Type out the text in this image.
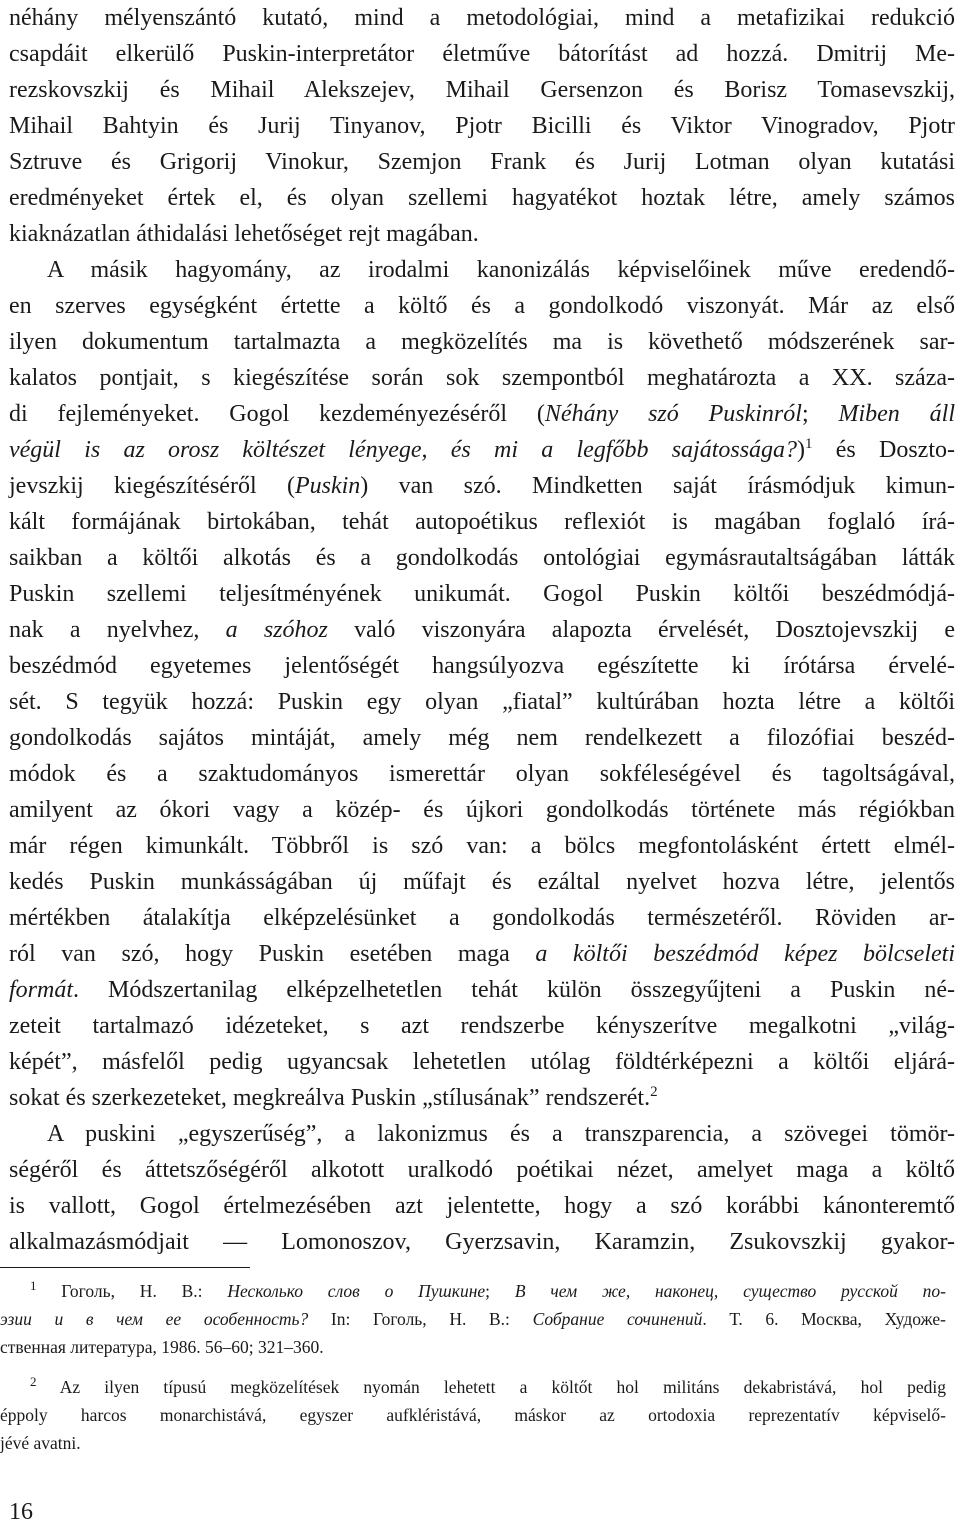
néhány mélyenszántó kutató, mind a metodológiai, mind a metafizikai redukció
csapdáit elkerülő Puskin-interpretátor életműve bátorítást ad hozzá. Dmitrij Me-
rezskovszkij és Mihail Alekszejev, Mihail Gersenzon és Borisz Tomasevszkij,
Mihail Bahtyin és Jurij Tinyanov, Pjotr Bicilli és Viktor Vinogradov, Pjotr
Sztruve és Grigorij Vinokur, Szemjon Frank és Jurij Lotman olyan kutatási
eredményeket értek el, és olyan szellemi hagyatékot hoztak létre, amely számos
kiaknázatlan áthidalási lehetőséget rejt magában.
A másik hagyomány, az irodalmi kanonizálás képviselőinek műve eredendő-
en szerves egységként értette a költő és a gondolkodó viszonyát. Már az első
ilyen dokumentum tartalmazta a megközelítés ma is követhető módszerének sar-
kalatos pontjait, s kiegészítése során sok szempontból meghatározta a XX. száza-
di fejleményeket. Gogol kezdeményezéséről (Néhány szó Puskinról; Miben áll
végül is az orosz költészet lényege, és mi a legfőbb sajátossága?)$^1$ és Doszto-
jevszkij kiegészítéséről (Puskin) van szó. Mindketten saját írásmódjuk kimun-
kált formájának birtokában, tehát autopoétikus reflexiót is magában foglaló írá-
saikban a költői alkotás és a gondolkodás ontológiai egymásrautaltságában látták
Puskin szellemi teljesítményének unikumát. Gogol Puskin költői beszédmódjá-
nak a nyelvhez, a szóhoz való viszonyára alapozta érvelését, Dosztojevszkij e
beszédmód egyetemes jelentőségét hangsúlyozva egészítette ki írótársa érvelé-
sét. S tegyük hozzá: Puskin egy olyan „fiatal” kultúrában hozta létre a költői
gondolkodás sajátos mintáját, amely még nem rendelkezett a filozófiai beszéd-
módok és a szaktudományos ismerettár olyan sokféleségével és tagoltságával,
amilyent az ókori vagy a közép- és újkori gondolkodás története más régiókban
már régen kimunkált. Többről is szó van: a bölcs megfontolásként értett elmél-
kedés Puskin munkásságában új műfajt és ezáltal nyelvet hozva létre, jelentős
mértékben átalakítja elképzelésünket a gondolkodás természetéről. Röviden ar-
ról van szó, hogy Puskin esetében maga a költői beszédmód képez bölcseleti
formát. Módszertanilag elképzelhetetlen tehát külön összegyűjteni a Puskin né-
zeteit tartalmazó idézeteket, s azt rendszerbe kényszerítve megalkotni „világ-
képét”, másfelől pedig ugyancsak lehetetlen utólag földtérképezni a költői eljárá-
sokat és szerkezeteket, megkreálva Puskin „stílusának” rendszerét.$^2$
A puskini „egyszerűség”, a lakonizmus és a transzparencia, a szövegei tömör-
ségéről és áttetszőségéről alkotott uralkodó poétikai nézet, amelyet maga a költő
is vallott, Gogol értelmezésében azt jelentette, hogy a szó korábbi kánonteremtő
alkalmazásmódjait — Lomonoszov, Gyerzsavin, Karamzin, Zsukovszkij gyakor-
$^1$ Гоголь, Н. В.: Несколько слов о Пушкине; В чем же, наконец, существо русской по-
эзии и в чем ее особенность? In: Гоголь, Н. В.: Собрание сочинений. Т. 6. Москва, Художе-
ственная литература, 1986. 56–60; 321–360.
$^2$ Az ilyen típusú megközelítések nyomán lehetett a költőt hol militáns dekabristává, hol pedig
éppoly harcos monarchistává, egyszer aufkléristává, máskor az ortodoxia reprezentatív képviselő-
jévé avatni.
16
